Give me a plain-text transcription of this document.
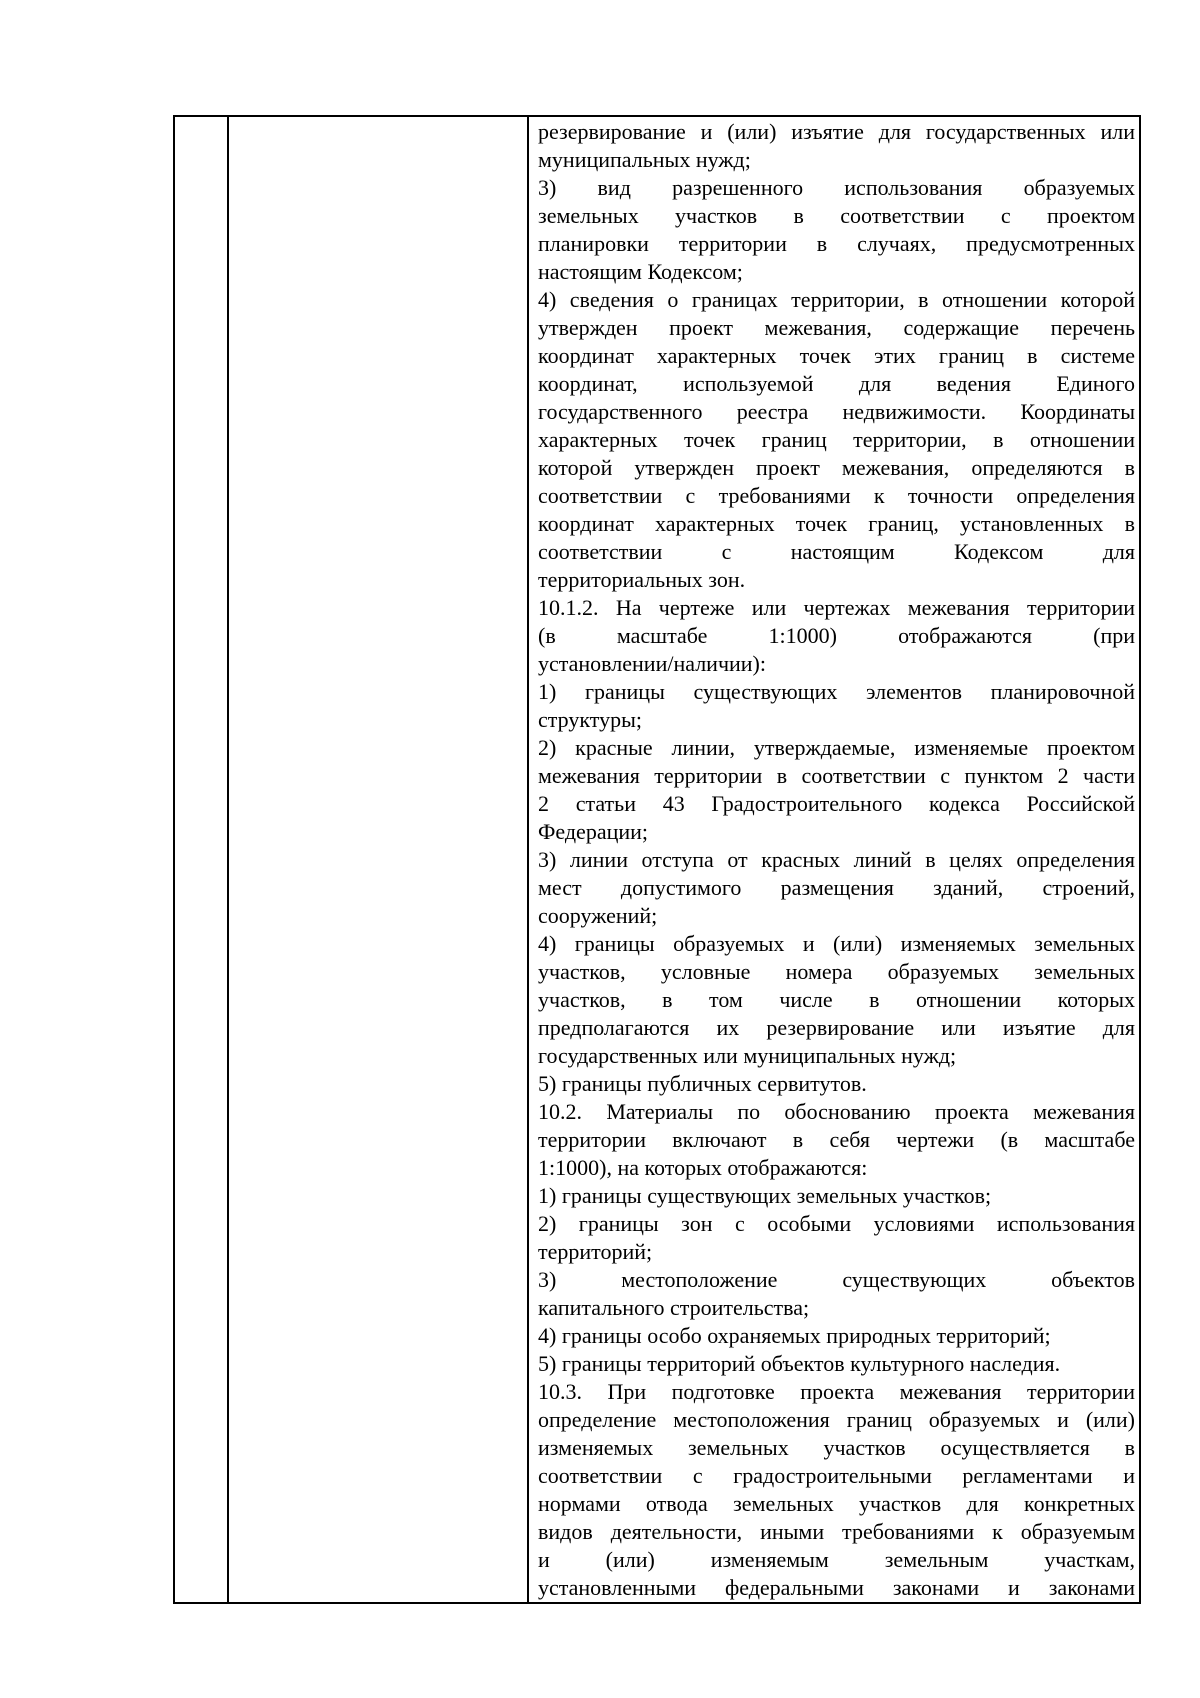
резервирование и (или) изъятие для государственных или
муниципальных нужд;
3) вид разрешенного использования образуемых
земельных участков в соответствии с проектом
планировки территории в случаях, предусмотренных
настоящим Кодексом;
4) сведения о границах территории, в отношении которой
утвержден проект межевания, содержащие перечень
координат характерных точек этих границ в системе
координат, используемой для ведения Единого
государственного реестра недвижимости. Координаты
характерных точек границ территории, в отношении
которой утвержден проект межевания, определяются в
соответствии с требованиями к точности определения
координат характерных точек границ, установленных в
соответствии с настоящим Кодексом для
территориальных зон.
10.1.2. На чертеже или чертежах межевания территории
(в масштабе 1:1000) отображаются (при
установлении/наличии):
1) границы существующих элементов планировочной
структуры;
2) красные линии, утверждаемые, изменяемые проектом
межевания территории в соответствии с пунктом 2 части
2 статьи 43 Градостроительного кодекса Российской
Федерации;
3) линии отступа от красных линий в целях определения
мест допустимого размещения зданий, строений,
сооружений;
4) границы образуемых и (или) изменяемых земельных
участков, условные номера образуемых земельных
участков, в том числе в отношении которых
предполагаются их резервирование или изъятие для
государственных или муниципальных нужд;
5) границы публичных сервитутов.
10.2. Материалы по обоснованию проекта межевания
территории включают в себя чертежи (в масштабе
1:1000), на которых отображаются:
1) границы существующих земельных участков;
2) границы зон с особыми условиями использования
территорий;
3) местоположение существующих объектов
капитального строительства;
4) границы особо охраняемых природных территорий;
5) границы территорий объектов культурного наследия.
10.3. При подготовке проекта межевания территории
определение местоположения границ образуемых и (или)
изменяемых земельных участков осуществляется в
соответствии с градостроительными регламентами и
нормами отвода земельных участков для конкретных
видов деятельности, иными требованиями к образуемым
и (или) изменяемым земельным участкам,
установленными федеральными законами и законами
